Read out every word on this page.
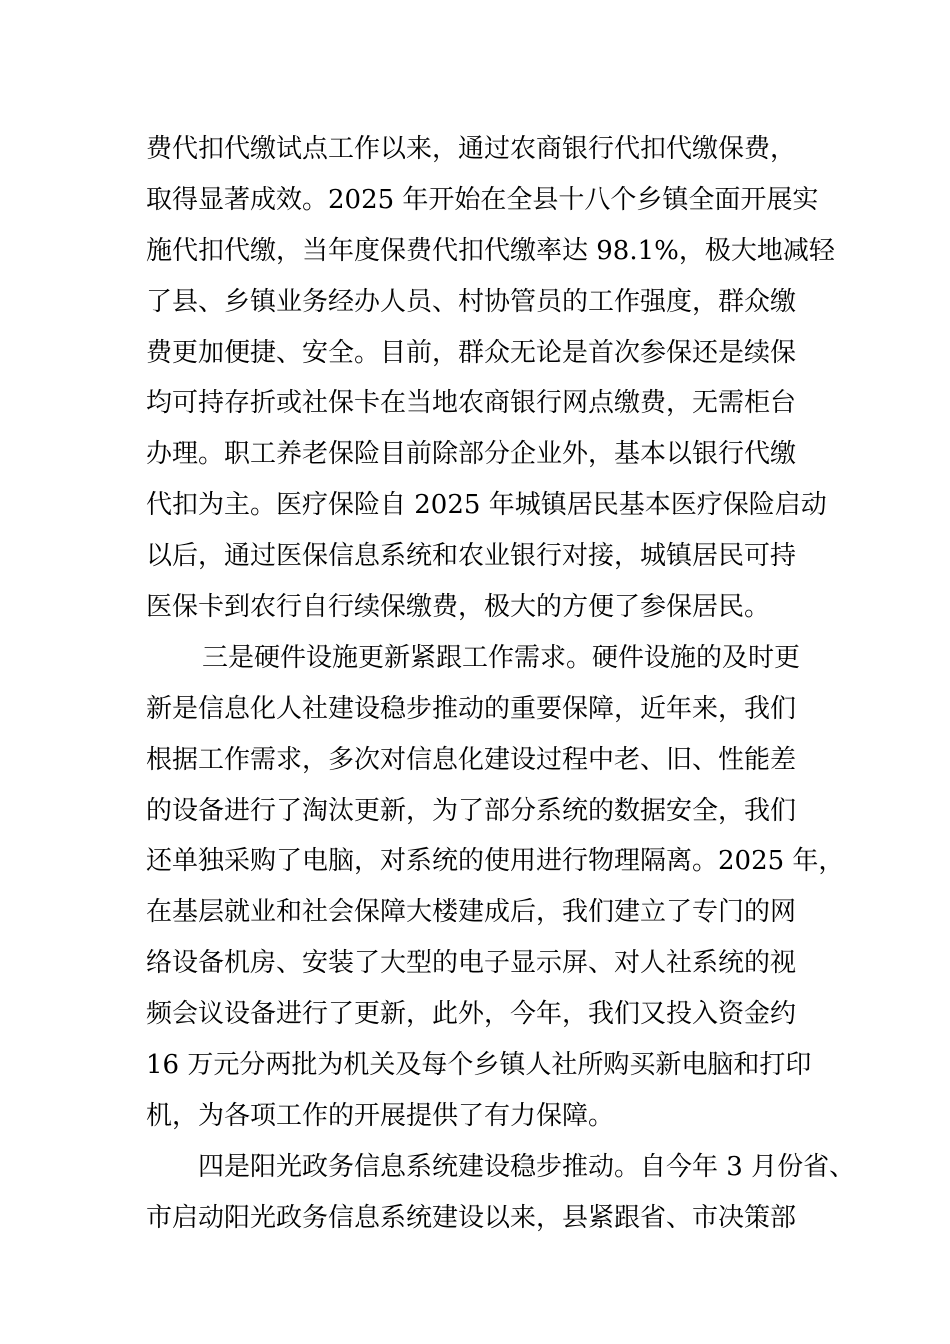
费代扣代缴试点工作以来，通过农商银行代扣代缴保费，
取得显著成效。2025 年开始在全县十八个乡镇全面开展实
施代扣代缴，当年度保费代扣代缴率达 98.1%，极大地减轻
了县、乡镇业务经办人员、村协管员的工作强度，群众缴
费更加便捷、安全。目前，群众无论是首次参保还是续保
均可持存折或社保卡在当地农商银行网点缴费，无需柜台
办理。职工养老保险目前除部分企业外，基本以银行代缴
代扣为主。医疗保险自 2025 年城镇居民基本医疗保险启动
以后，通过医保信息系统和农业银行对接，城镇居民可持
医保卡到农行自行续保缴费，极大的方便了参保居民。
三是硬件设施更新紧跟工作需求。硬件设施的及时更
新是信息化人社建设稳步推动的重要保障，近年来，我们
根据工作需求，多次对信息化建设过程中老、旧、性能差
的设备进行了淘汰更新，为了部分系统的数据安全，我们
还单独采购了电脑，对系统的使用进行物理隔离。2025 年，
在基层就业和社会保障大楼建成后，我们建立了专门的网
络设备机房、安装了大型的电子显示屏、对人社系统的视
频会议设备进行了更新，此外，今年，我们又投入资金约
16 万元分两批为机关及每个乡镇人社所购买新电脑和打印
机，为各项工作的开展提供了有力保障。
四是阳光政务信息系统建设稳步推动。自今年 3 月份省、
市启动阳光政务信息系统建设以来，县紧跟省、市决策部
